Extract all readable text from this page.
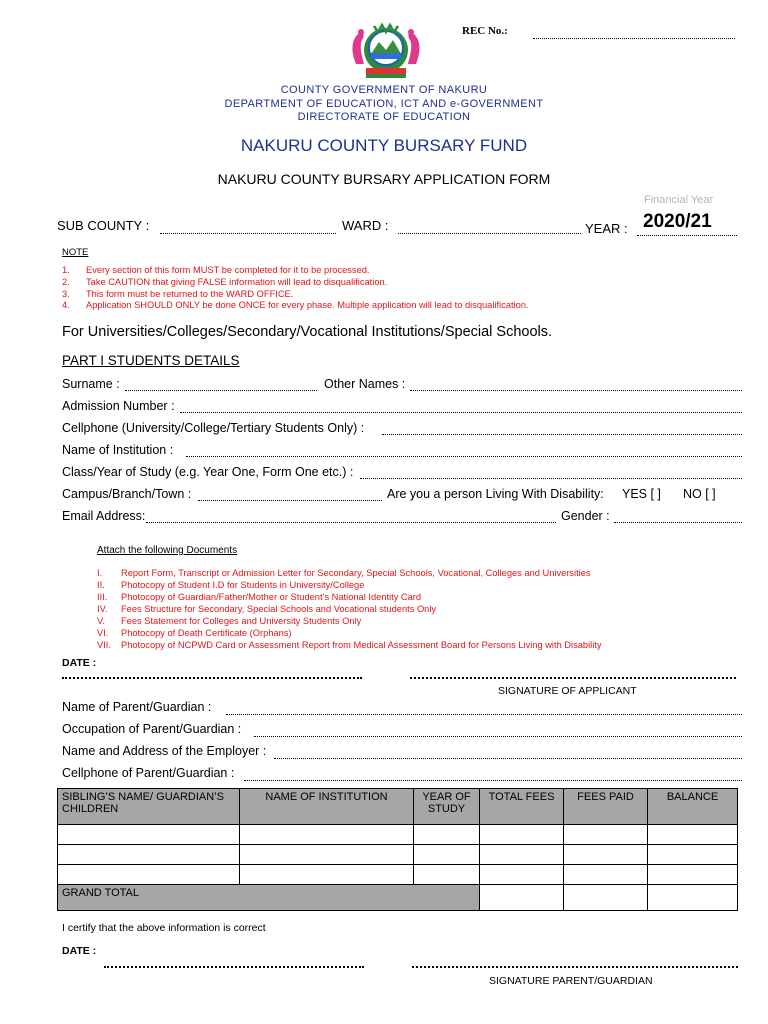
REC No.:
COUNTY GOVERNMENT OF NAKURU
DEPARTMENT OF EDUCATION, ICT AND e-GOVERNMENT
DIRECTORATE OF EDUCATION
NAKURU COUNTY BURSARY FUND
NAKURU COUNTY BURSARY APPLICATION FORM
Financial Year
SUB COUNTY :	WARD :	YEAR : 2020/21
NOTE
1. Every section of this form MUST be completed for it to be processed.
2. Take CAUTION that giving FALSE information will lead to disqualification.
3. This form must be returned to the WARD OFFICE.
4. Application SHOULD ONLY be done ONCE for every phase. Multiple application will lead to disqualification.
For Universities/Colleges/Secondary/Vocational Institutions/Special Schools.
PART I STUDENTS DETAILS
Surname :	Other Names :
Admission Number :
Cellphone (University/College/Tertiary Students Only) :
Name of Institution :
Class/Year of Study (e.g. Year One, Form One etc.) :
Campus/Branch/Town :	Are you a person Living With Disability: YES [ ] NO [ ]
Email Address:	Gender :
Attach the following Documents
I. Report Form, Transcript or Admission Letter for Secondary, Special Schools, Vocational, Colleges and Universities
II. Photocopy of Student I.D for Students in University/College
III. Photocopy of Guardian/Father/Mother or Student’s National Identity Card
IV. Fees Structure for Secondary, Special Schools and Vocational students Only
V. Fees Statement for Colleges and University Students Only
VI. Photocopy of Death Certificate (Orphans)
VII. Photocopy of NCPWD Card or Assessment Report from Medical Assessment Board for Persons Living with Disability
DATE :
SIGNATURE OF APPLICANT
Name of Parent/Guardian :
Occupation of Parent/Guardian :
Name and Address of the Employer :
Cellphone of Parent/Guardian :
SIBLING’S NAME/ GUARDIAN’S CHILDREN	NAME OF INSTITUTION	YEAR OF STUDY	TOTAL FEES	FEES PAID	BALANCE

GRAND TOTAL					
I certify that the above information is correct
DATE :
SIGNATURE PARENT/GUARDIAN
